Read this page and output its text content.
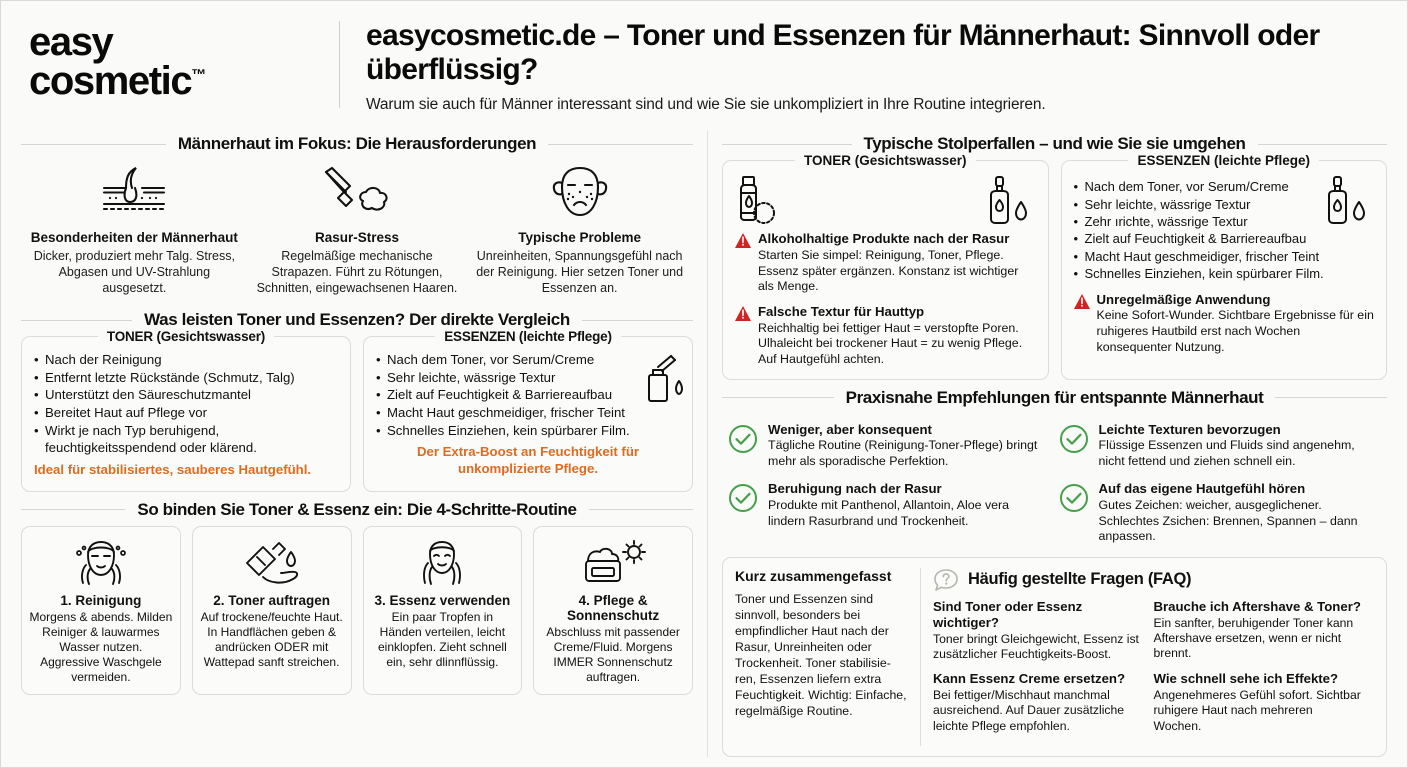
easy
cosmetic™
easycosmetic.de – Toner und Essenzen für Männerhaut: Sinnvoll oder überflüssig?
Warum sie auch für Männer interessant sind und wie Sie sie unkompliziert in Ihre Routine integrieren.
Männerhaut im Fokus: Die Herausforderungen
Besonderheiten der Männerhaut
Dicker, produziert mehr Talg. Stress, Abgasen und UV-Strahlung ausgesetzt.
Rasur-Stress
Regelmäßige mechanische Strapazen. Führt zu Rötungen, Schnitten, eingewachsenen Haaren.
Typische Probleme
Unreinheiten, Spannungsgefühl nach der Reinigung. Hier setzen Toner und Essenzen an.
Was leisten Toner und Essenzen? Der direkte Vergleich
TONER (Gesichtswasser)
• Nach der Reinigung
• Entfernt letzte Rückstände (Schmutz, Talg)
• Unterstützt den Säureschutzmantel
• Bereitet Haut auf Pflege vor
• Wirkt je nach Typ beruhigend, feuchtigkeitsspendend oder klärend.
Ideal für stabilisiertes, sauberes Hautgefühl.
ESSENZEN (leichte Pflege)
• Nach dem Toner, vor Serum/Creme
• Sehr leichte, wässrige Textur
• Zielt auf Feuchtigkeit & Barriereaufbau
• Macht Haut geschmeidiger, frischer Teint
• Schnelles Einziehen, kein spürbarer Film.
Der Extra-Boost an Feuchtigkeit für unkomplizierte Pflege.
So binden Sie Toner & Essenz ein: Die 4-Schritte-Routine
1. Reinigung
Morgens & abends. Milden Reiniger & lauwarmes Wasser nutzen. Aggressive Waschgele vermeiden.
2. Toner auftragen
Auf trockene/feuchte Haut. In Handflächen geben & andrücken ODER mit Wattepad sanft streichen.
3. Essenz verwenden
Ein paar Tropfen in Händen verteilen, leicht einklopfen. Zieht schnell ein, sehr dlinnflüssig.
4. Pflege & Sonnenschutz
Abschluss mit passender Creme/Fluid. Morgens IMMER Sonnenschutz auftragen.
Typische Stolperfallen – und wie Sie sie umgehen
TONER (Gesichtswasser)
Alkoholhaltige Produkte nach der Rasur
Starten Sie simpel: Reinigung, Toner, Pflege. Essenz später ergänzen. Konstanz ist wichtiger als Menge.
Falsche Textur für Hauttyp
Reichhaltig bei fettiger Haut = verstopfte Poren. Ulhaleicht bei trockener Haut = zu wenig Pflege. Auf Hautgefühl achten.
ESSENZEN (leichte Pflege)
• Nach dem Toner, vor Serum/Creme
• Sehr leichte, wässrige Textur
• Zehr ırichte, wässrige Textur
• Zielt auf Feuchtigkeit & Barriereaufbau
• Macht Haut geschmeidiger, frischer Teint
• Schnelles Einziehen, kein spürbarer Film.
Unregelmäßige Anwendung
Keine Sofort-Wunder. Sichtbare Ergebnisse für ein ruhigeres Hautbild erst nach Wochen konsequenter Nutzung.
Praxisnahe Empfehlungen für entspannte Männerhaut
Weniger, aber konsequent
Tägliche Routine (Reinigung-Toner-Pflege) bringt mehr als sporadische Perfektion.
Leichte Texturen bevorzugen
Flüssige Essenzen und Fluids sind angenehm, nicht fettend und ziehen schnell ein.
Beruhigung nach der Rasur
Produkte mit Panthenol, Allantoin, Aloe vera lindern Rasurbrand und Trockenheit.
Auf das eigene Hautgefühl hören
Gutes Zeichen: weicher, ausgeglichener. Schlechtes Zsichen: Brennen, Spannen – dann anpassen.
Kurz zusammengefasst
Toner und Essenzen sind sinnvoll, besonders bei empfindlicher Haut nach der Rasur, Unreinheiten oder Trockenheit. Toner stabilisie-ren, Essenzen liefern extra Feuchtigkeit. Wichtig: Einfache, regelmäßige Routine.
Häufig gestellte Fragen (FAQ)
Sind Toner oder Essenz wichtiger?
Toner bringt Gleichgewicht, Essenz ist zusätzlicher Feuchtigkeits-Boost.
Brauche ich Aftershave & Toner?
Ein sanfter, beruhigender Toner kann Aftershave ersetzen, wenn er nicht brennt.
Kann Essenz Creme ersetzen?
Bei fettiger/Mischhaut manchmal ausreichend. Auf Dauer zusätzliche leichte Pflege empfohlen.
Wie schnell sehe ich Effekte?
Angenehmeres Gefühl sofort. Sichtbar ruhigere Haut nach mehreren Wochen.
